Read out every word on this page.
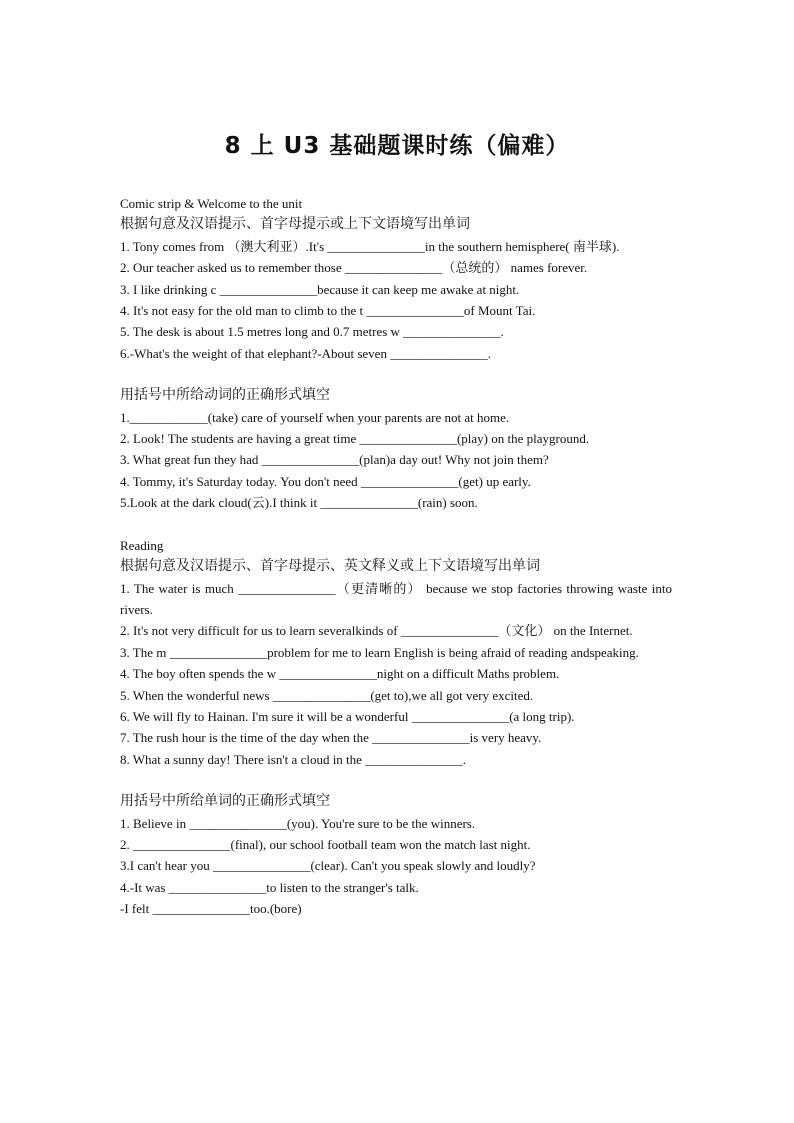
8 上 U3 基础题课时练（偏难）

Comic strip & Welcome to the unit

根据句意及汉语提示、首字母提示或上下文语境写出单词

1. Tony comes from （澳大利亚）.It's _______________in the southern hemisphere( 南半球).

2. Our teacher asked us to remember those _______________（总统的） names forever.

3. I like drinking c _______________because it can keep me awake at night.

4. It's not easy for the old man to climb to the t _______________of Mount Tai.

5. The desk is about 1.5 metres long and 0.7 metres w _______________.

6.-What's the weight of that elephant?-About seven _______________.

用括号中所给动词的正确形式填空

1.____________(take) care of yourself when your parents are not at home.

2. Look! The students are having a great time _______________(play) on the playground.

3. What great fun they had _______________(plan)a day out! Why not join them?

4. Tommy, it's Saturday today. You don't need _______________(get) up early.

5.Look at the dark cloud(云).I think it _______________(rain) soon.

Reading

根据句意及汉语提示、首字母提示、英文释义或上下文语境写出单词

1. The water is much _______________（更清晰的） because we stop factories throwing waste into rivers.

2. It's not very difficult for us to learn severalkinds of _______________（文化） on the Internet.

3. The m _______________problem for me to learn English is being afraid of reading andspeaking.

4. The boy often spends the w _______________night on a difficult Maths problem.

5. When the wonderful news _______________(get to),we all got very excited.

6. We will fly to Hainan. I'm sure it will be a wonderful _______________(a long trip).

7. The rush hour is the time of the day when the _______________is very heavy.

8. What a sunny day! There isn't a cloud in the _______________.

用括号中所给单词的正确形式填空

1. Believe in _______________(you). You're sure to be the winners.

2. _______________(final), our school football team won the match last night.

3.I can't hear you _______________(clear). Can't you speak slowly and loudly?

4.-It was _______________to listen to the stranger's talk.

-I felt _______________too.(bore)
